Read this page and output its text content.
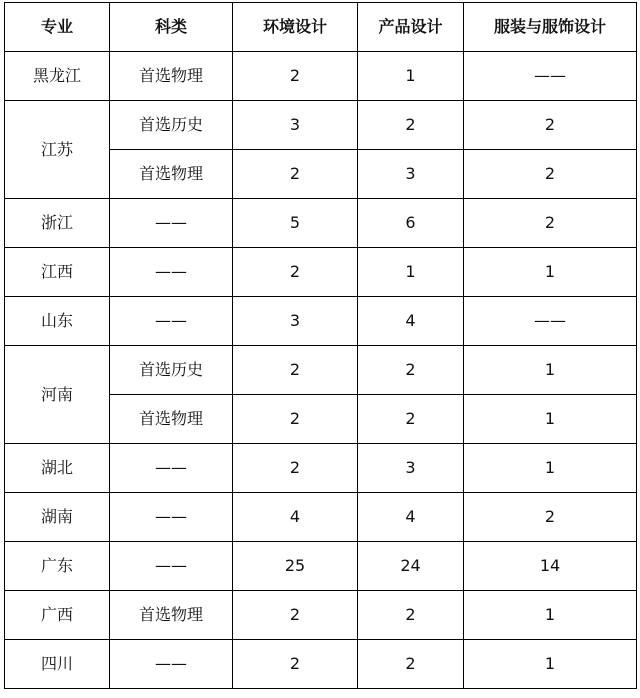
专业	科类	环境设计	产品设计	服装与服饰设计
黑龙江	首选物理	2	1	——
江苏	首选历史	3	2	2
	首选物理	2	3	2
浙江	——	5	6	2
江西	——	2	1	1
山东	——	3	4	——
河南	首选历史	2	2	1
	首选物理	2	2	1
湖北	——	2	3	1
湖南	——	4	4	2
广东	——	25	24	14
广西	首选物理	2	2	1
四川	——	2	2	1
